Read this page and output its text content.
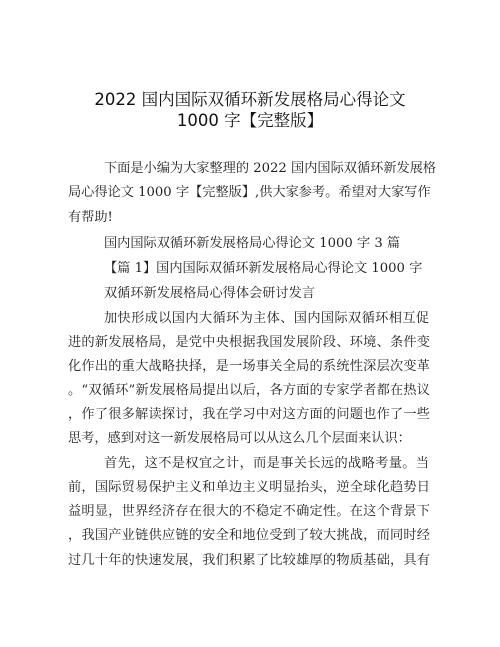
2022 国内国际双循环新发展格局心得论文
1000 字【完整版】
下面是小编为大家整理的 2022 国内国际双循环新发展格
局心得论文 1000 字【完整版】,供大家参考。希望对大家写作
有帮助!
国内国际双循环新发展格局心得论文 1000 字 3 篇
【篇 1】国内国际双循环新发展格局心得论文 1000 字
双循环新发展格局心得体会研讨发言
加快形成以国内大循环为主体、国内国际双循环相互促
进的新发展格局，是党中央根据我国发展阶段、环境、条件变
化作出的重大战略抉择，是一场事关全局的系统性深层次变革
。“双循环”新发展格局提出以后，各方面的专家学者都在热议
，作了很多解读探讨，我在学习中对这方面的问题也作了一些
思考，感到对这一新发展格局可以从这么几个层面来认识：
首先，这不是权宜之计，而是事关长远的战略考量。当
前，国际贸易保护主义和单边主义明显抬头，逆全球化趋势日
益明显，世界经济存在很大的不稳定不确定性。在这个背景下
，我国产业链供应链的安全和地位受到了较大挑战，而同时经
过几十年的快速发展，我们积累了比较雄厚的物质基础，具有
